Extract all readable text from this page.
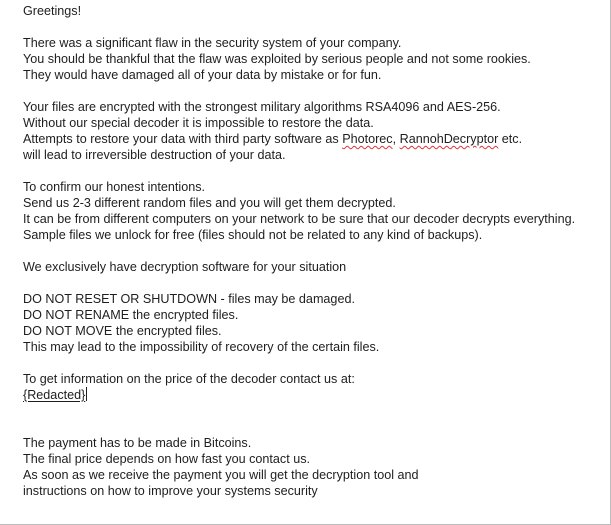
Greetings!
There was a significant flaw in the security system of your company.
You should be thankful that the flaw was exploited by serious people and not some rookies.
They would have damaged all of your data by mistake or for fun.
Your files are encrypted with the strongest military algorithms RSA4096 and AES-256.
Without our special decoder it is impossible to restore the data.
Attempts to restore your data with third party software as Photorec, RannohDecryptor etc.
will lead to irreversible destruction of your data.
To confirm our honest intentions.
Send us 2-3 different random files and you will get them decrypted.
It can be from different computers on your network to be sure that our decoder decrypts everything.
Sample files we unlock for free (files should not be related to any kind of backups).
We exclusively have decryption software for your situation
DO NOT RESET OR SHUTDOWN - files may be damaged.
DO NOT RENAME the encrypted files.
DO NOT MOVE the encrypted files.
This may lead to the impossibility of recovery of the certain files.
To get information on the price of the decoder contact us at:
{Redacted}
The payment has to be made in Bitcoins.
The final price depends on how fast you contact us.
As soon as we receive the payment you will get the decryption tool and
instructions on how to improve your systems security
